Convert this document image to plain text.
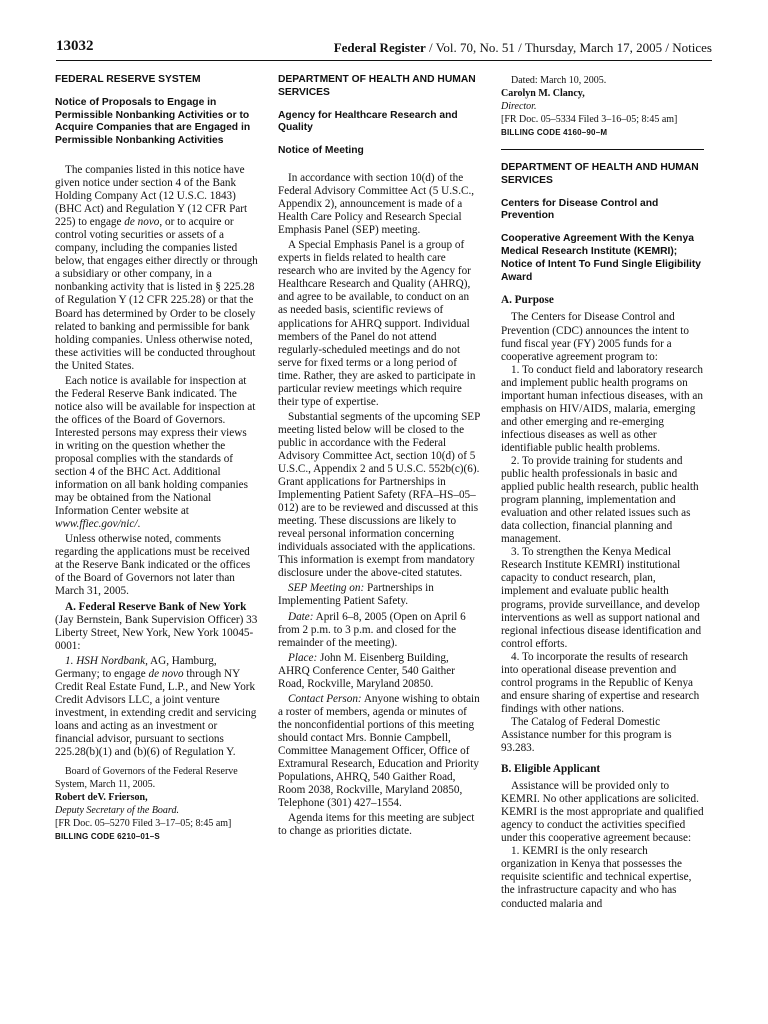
13032	Federal Register / Vol. 70, No. 51 / Thursday, March 17, 2005 / Notices
FEDERAL RESERVE SYSTEM
Notice of Proposals to Engage in Permissible Nonbanking Activities or to Acquire Companies that are Engaged in Permissible Nonbanking Activities

The companies listed in this notice have given notice under section 4 of the Bank Holding Company Act (12 U.S.C. 1843) (BHC Act) and Regulation Y (12 CFR Part 225) to engage de novo, or to acquire or control voting securities or assets of a company, including the companies listed below, that engages either directly or through a subsidiary or other company, in a nonbanking activity that is listed in § 225.28 of Regulation Y (12 CFR 225.28) or that the Board has determined by Order to be closely related to banking and permissible for bank holding companies. Unless otherwise noted, these activities will be conducted throughout the United States.

Each notice is available for inspection at the Federal Reserve Bank indicated. The notice also will be available for inspection at the offices of the Board of Governors. Interested persons may express their views in writing on the question whether the proposal complies with the standards of section 4 of the BHC Act. Additional information on all bank holding companies may be obtained from the National Information Center website at www.ffiec.gov/nic/.

Unless otherwise noted, comments regarding the applications must be received at the Reserve Bank indicated or the offices of the Board of Governors not later than March 31, 2005.

A. Federal Reserve Bank of New York (Jay Bernstein, Bank Supervision Officer) 33 Liberty Street, New York, New York 10045-0001:

1. HSH Nordbank, AG, Hamburg, Germany; to engage de novo through NY Credit Real Estate Fund, L.P., and New York Credit Advisors LLC, a joint venture investment, in extending credit and servicing loans and acting as an investment or financial advisor, pursuant to sections 225.28(b)(1) and (b)(6) of Regulation Y.

Board of Governors of the Federal Reserve System, March 11, 2005.

Robert deV. Frierson,

Deputy Secretary of the Board.

[FR Doc. 05–5270 Filed 3–17–05; 8:45 am]

BILLING CODE 6210–01–S

DEPARTMENT OF HEALTH AND HUMAN SERVICES
Agency for Healthcare Research and Quality
Notice of Meeting

In accordance with section 10(d) of the Federal Advisory Committee Act (5 U.S.C., Appendix 2), announcement is made of a Health Care Policy and Research Special Emphasis Panel (SEP) meeting.

A Special Emphasis Panel is a group of experts in fields related to health care research who are invited by the Agency for Healthcare Research and Quality (AHRQ), and agree to be available, to conduct on an as needed basis, scientific reviews of applications for AHRQ support. Individual members of the Panel do not attend regularly-scheduled meetings and do not serve for fixed terms or a long period of time. Rather, they are asked to participate in particular review meetings which require their type of expertise.

Substantial segments of the upcoming SEP meeting listed below will be closed to the public in accordance with the Federal Advisory Committee Act, section 10(d) of 5 U.S.C., Appendix 2 and 5 U.S.C. 552b(c)(6). Grant applications for Partnerships in Implementing Patient Safety (RFA–HS–05–012) are to be reviewed and discussed at this meeting. These discussions are likely to reveal personal information concerning individuals associated with the applications. This information is exempt from mandatory disclosure under the above-cited statutes.

SEP Meeting on: Partnerships in Implementing Patient Safety.

Date: April 6–8, 2005 (Open on April 6 from 2 p.m. to 3 p.m. and closed for the remainder of the meeting).

Place: John M. Eisenberg Building, AHRQ Conference Center, 540 Gaither Road, Rockville, Maryland 20850.

Contact Person: Anyone wishing to obtain a roster of members, agenda or minutes of the nonconfidential portions of this meeting should contact Mrs. Bonnie Campbell, Committee Management Officer, Office of Extramural Research, Education and Priority Populations, AHRQ, 540 Gaither Road, Room 2038, Rockville, Maryland 20850, Telephone (301) 427–1554.

Agenda items for this meeting are subject to change as priorities dictate.

Dated: March 10, 2005.

Carolyn M. Clancy,

Director.

[FR Doc. 05–5334 Filed 3–16–05; 8:45 am]

BILLING CODE 4160–90–M

DEPARTMENT OF HEALTH AND HUMAN SERVICES
Centers for Disease Control and Prevention
Cooperative Agreement With the Kenya Medical Research Institute (KEMRI); Notice of Intent To Fund Single Eligibility Award
A. Purpose

The Centers for Disease Control and Prevention (CDC) announces the intent to fund fiscal year (FY) 2005 funds for a cooperative agreement program to:

1. To conduct field and laboratory research and implement public health programs on important human infectious diseases, with an emphasis on HIV/AIDS, malaria, emerging and other emerging and re-emerging infectious diseases as well as other identifiable public health problems.

2. To provide training for students and public health professionals in basic and applied public health research, public health program planning, implementation and evaluation and other related issues such as data collection, financial planning and management.

3. To strengthen the Kenya Medical Research Institute KEMRI) institutional capacity to conduct research, plan, implement and evaluate public health programs, provide surveillance, and develop interventions as well as support national and regional infectious disease identification and control efforts.

4. To incorporate the results of research into operational disease prevention and control programs in the Republic of Kenya and ensure sharing of expertise and research findings with other nations.

The Catalog of Federal Domestic Assistance number for this program is 93.283.

B. Eligible Applicant

Assistance will be provided only to KEMRI. No other applications are solicited. KEMRI is the most appropriate and qualified agency to conduct the activities specified under this cooperative agreement because:

1. KEMRI is the only research organization in Kenya that possesses the requisite scientific and technical expertise, the infrastructure capacity and who has conducted malaria and
